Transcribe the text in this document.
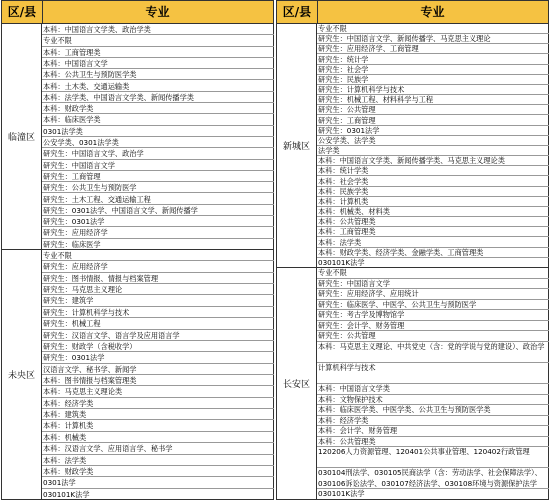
区/县	专业
临潼区
本科：中国语言文学类、政治学类
专业不限
本科：工商管理类
本科：中国语言文学
本科：公共卫生与预防医学类
本科：土木类、交通运输类
本科：法学类、中国语言文学类、新闻传播学类
本科：财政学类
本科：临床医学类
0301法学类
公安学类、0301法学类
研究生：中国语言文学、政治学
研究生：中国语言文学
研究生：工商管理
研究生：公共卫生与预防医学
研究生：土木工程、交通运输工程
研究生：0301法学、中国语言文学、新闻传播学
研究生：0301法学
研究生：应用经济学
研究生：临床医学
未央区
专业不限
研究生：应用经济学
研究生：图书情报、情报与档案管理
研究生：马克思主义理论
研究生：建筑学
研究生：计算机科学与技术
研究生：机械工程
研究生：汉语言文学、语言学及应用语言学
研究生：财政学（含税收学）
研究生：0301法学
汉语言文学、秘书学、新闻学
本科：图书情报与档案管理类
本科：马克思主义理论类
本科：经济学类
本科：建筑类
本科：计算机类
本科：机械类
本科：汉语言文学、应用语言学、秘书学
本科：法学类
本科：财政学类
0301法学
030101K法学
区/县	专业
新城区
专业不限
研究生：中国语言文学、新闻传播学、马克思主义理论
研究生：应用经济学、工商管理
研究生：统计学
研究生：社会学
研究生：民族学
研究生：计算机科学与技术
研究生：机械工程、材料科学与工程
研究生：公共管理
研究生：工商管理
研究生：0301法学
公安学类、法学类
法学类
本科：中国语言文学类、新闻传播学类、马克思主义理论类
本科：统计学类
本科：社会学类
本科：民族学类
本科：计算机类
本科：机械类、材料类
本科：公共管理类
本科：工商管理类
本科：法学类
本科：财政学类、经济学类、金融学类、工商管理类
030101K法学
长安区
专业不限
研究生：中国语言文学
研究生：应用经济学、应用统计
研究生：临床医学、中医学、公共卫生与预防医学
研究生：考古学及博物馆学
研究生：会计学、财务管理
研究生：公共管理
本科：马克思主义理论、中共党史（含：党的学说与党的建设）、政治学
计算机科学与技术
本科：中国语言文学类
本科：文物保护技术
本科：临床医学类、中医学类、公共卫生与预防医学类
本科：经济学类
本科：会计学、财务管理
本科：公共管理类
120206人力资源管理、120401公共事业管理、120402行政管理
030104刑法学、030105民商法学（含：劳动法学、社会保障法学）、030106诉讼法学、030107经济法学、030108环境与资源保护法学
030101K法学
